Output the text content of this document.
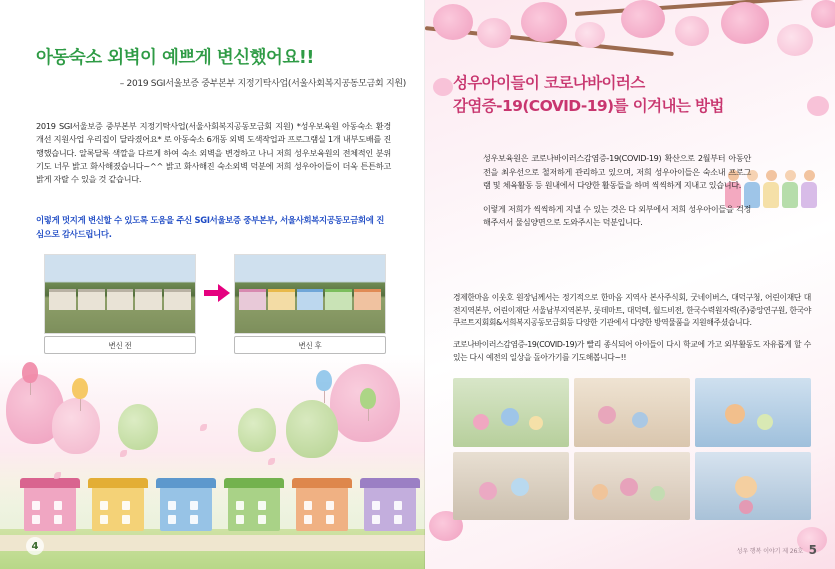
아동숙소 외벽이 예쁘게 변신했어요!!
– 2019 SGI서울보증 중부본부 지정기탁사업(서울사회복지공동모금회 지원)

2019 SGI서울보증 중부본부 지정기탁사업(서울사회복지공동모금회 지원) *성우보육원 아동숙소 환경개선 지원사업 우리집이 달라졌어요* 로 아동숙소 6개동 외벽 도색작업과 프로그램실 1개 내부도배를 진행했습니다. 알록달록 색깔을 다르게 하여 숙소 외벽을 변경하고 나니 저희 성우보육원의 전체적인 분위기도 너무 밝고 화사해졌습니다~^^ 밝고 화사해진 숙소외벽 덕분에 저희 성우아이들이 더욱 튼튼하고 밝게 자랄 수 있을 것 같습니다.

이렇게 멋지게 변신할 수 있도록 도움을 주신 SGI서울보증 중부본부, 서울사회복지공동모금회에 진심으로 감사드립니다.

변신 전	변신 후
4
성우아이들이 코로나바이러스
감염증-19(COVID-19)를 이겨내는 방법

성우보육원은 코로나바이러스감염증-19(COVID-19) 확산으로 2월부터 아동안전을 최우선으로 철저하게 관리하고 있으며, 저희 성우아이들은 숙소내 프로그램 및 체육활동 등 원내에서 다양한 활동들을 하며 씩씩하게 지내고 있습니다.

이렇게 저희가 씩씩하게 지낼 수 있는 것은 다 외부에서 저희 성우아이들을 걱정해주셔서 물심양면으로 도와주시는 덕분입니다.

경제한마음 이웃호 원장님께서는 정기적으로 한마음 지역사 본사주식회, 굿네이버스, 대덕구청, 어린이재단 대전지역본부, 어린이재단 서울남부지역본부, 롯데마트, 대덕텍, 월드비전, 한국수력원자력(주)중앙연구원, 한국야쿠르트지회회&서희복지공동모금회등 다양한 기관에서 다양한 방역물품을 지원해주셨습니다.

코로나바이러스감염증-19(COVID-19)가 빨리 종식되어 아이들이 다시 학교에 가고 외부활동도 자유롭게 할 수 있는 다시 예전의 일상을 돌아가기를 기도해봅니다~!!

성우 행복 이야기 제 26호 5
